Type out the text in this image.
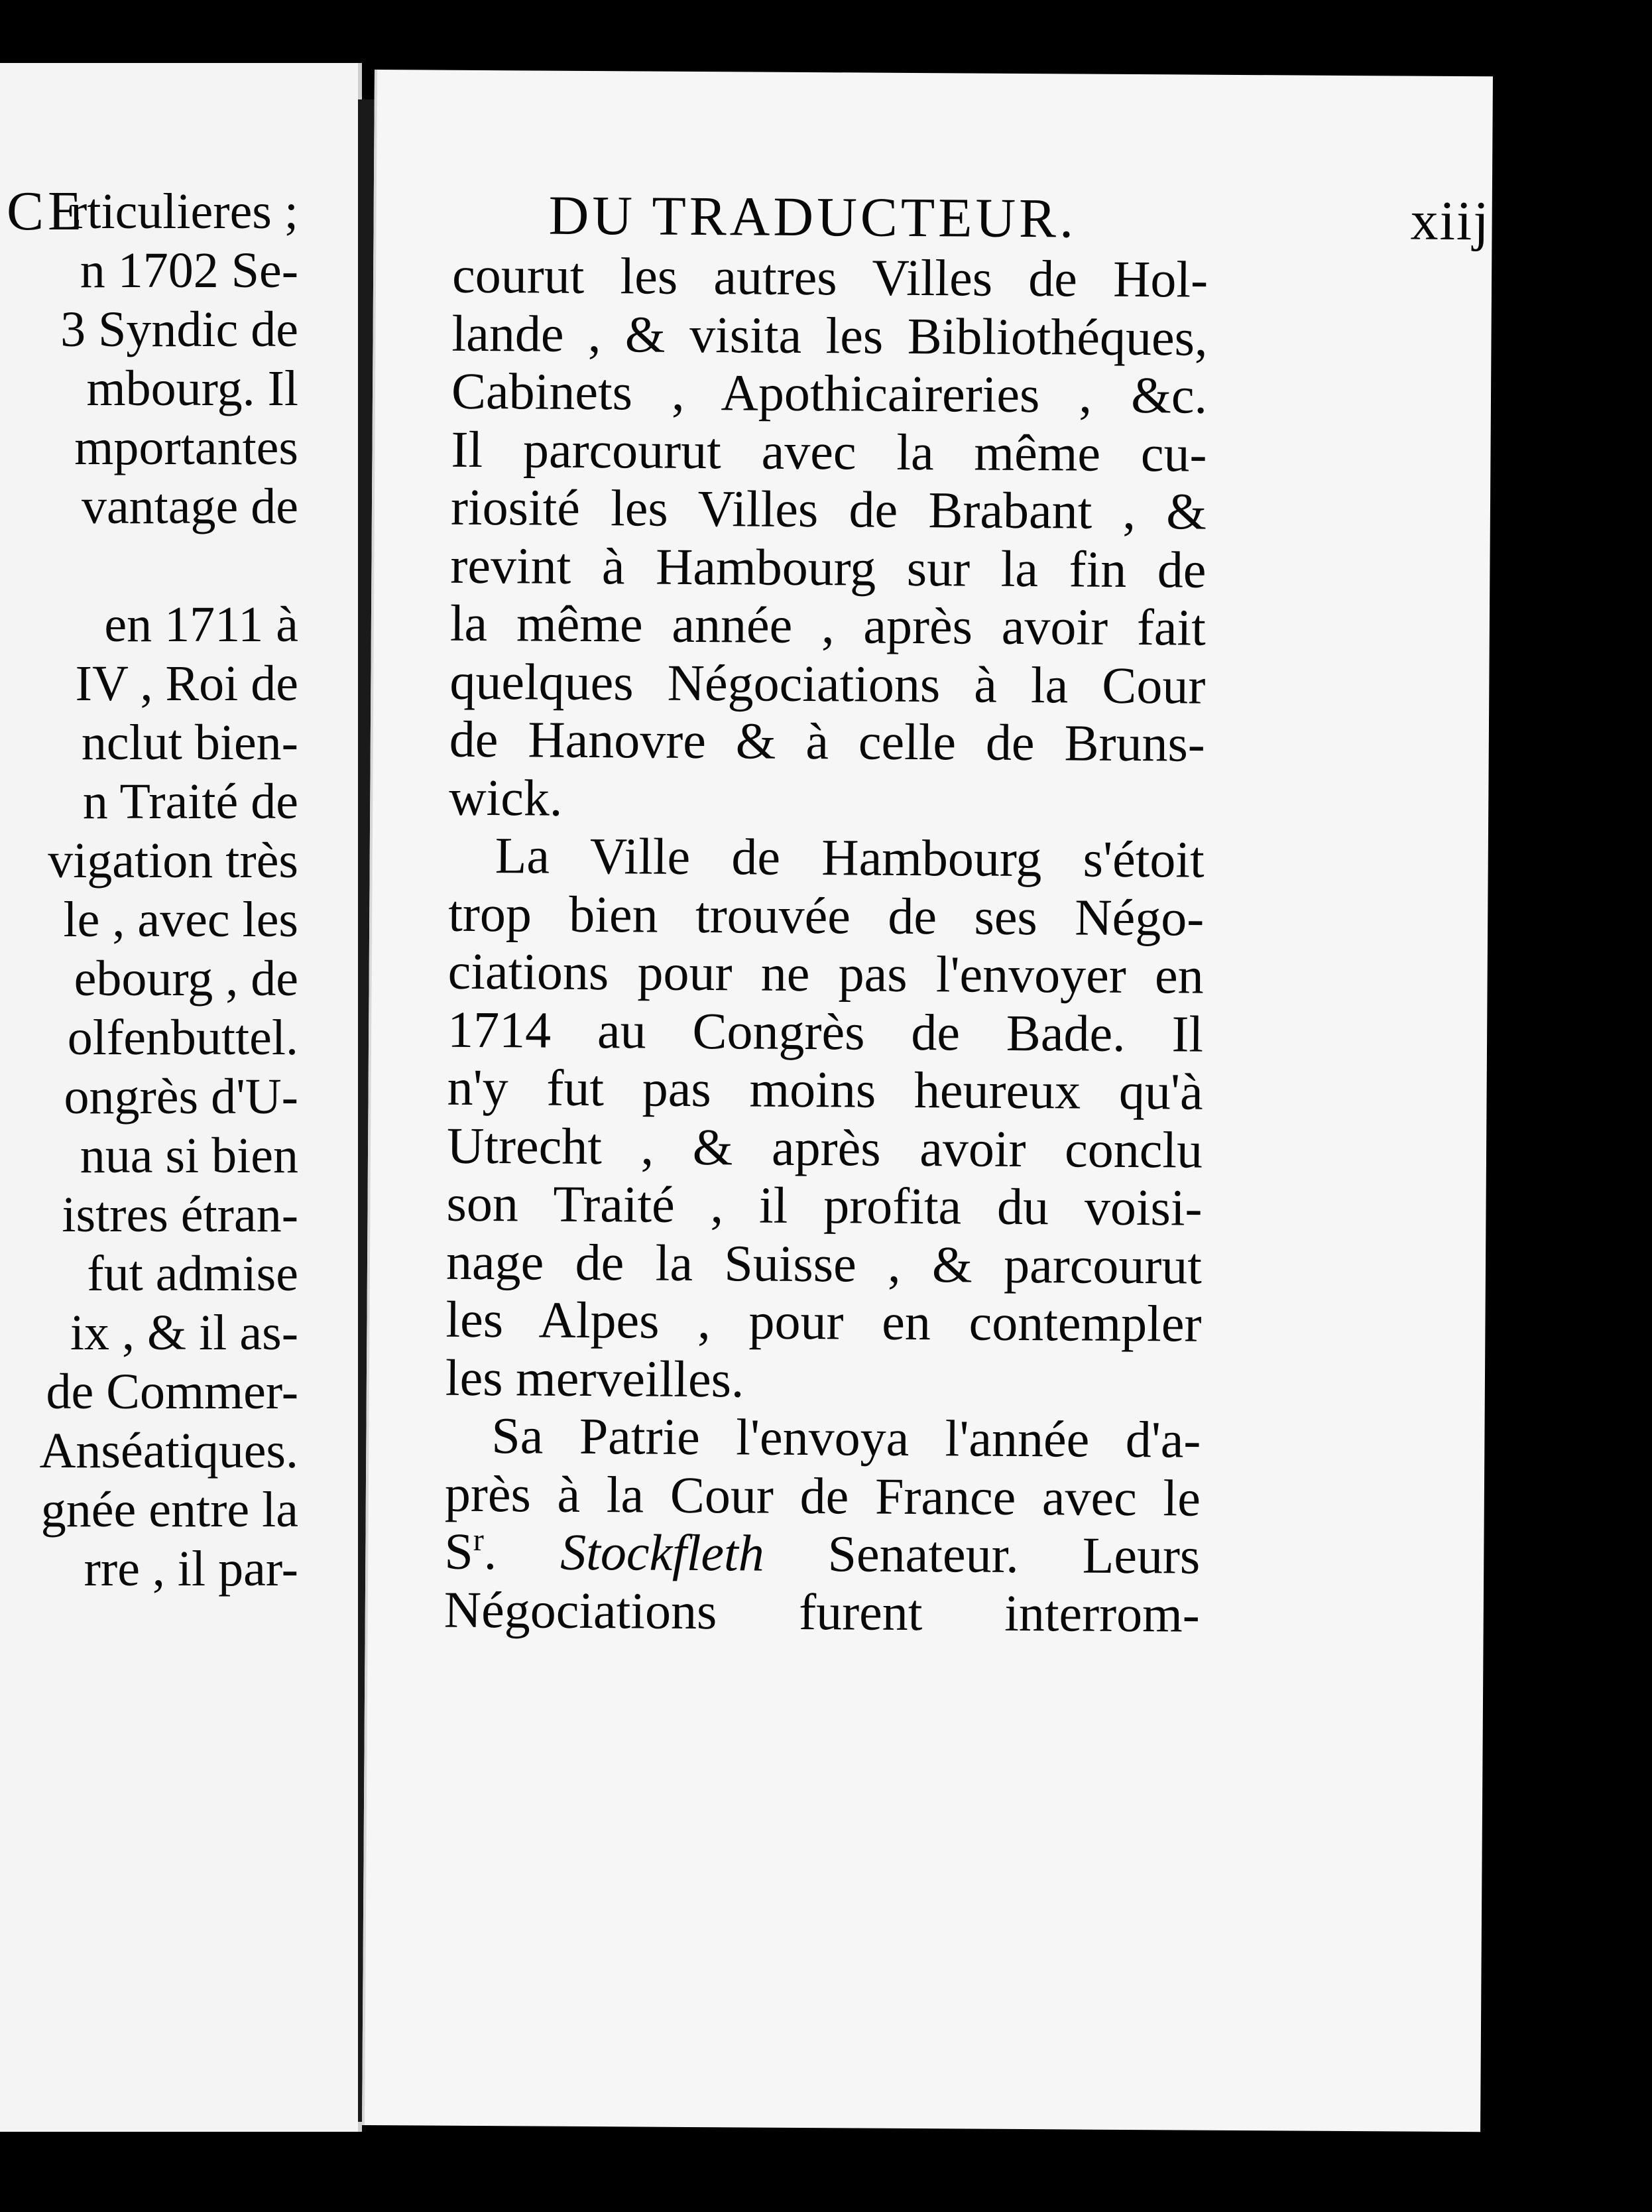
CE
rticulieres ;
n 1702 Se-
3 Syndic de
mbourg. Il
mportantes
vantage de
en 1711 à
IV , Roi de
nclut bien-
n Traité de
vigation très
le , avec les
ebourg , de
olfenbuttel.
ongrès d'U-
nua si bien
istres étran-
fut admise
ix , & il as-
de Commer-
Anséatiques.
gnée entre la
rre , il par-
DU TRADUCTEUR.	xiij
courut les autres Villes de Hol-
lande , & visita les Bibliothéques,
Cabinets , Apothicaireries , &c.
Il parcourut avec la même cu-
riosité les Villes de Brabant , &
revint à Hambourg sur la fin de
la même année , après avoir fait
quelques Négociations à la Cour
de Hanovre & à celle de Bruns-
wick.
La Ville de Hambourg s'étoit
trop bien trouvée de ses Négo-
ciations pour ne pas l'envoyer en
1714 au Congrès de Bade. Il
n'y fut pas moins heureux qu'à
Utrecht , & après avoir conclu
son Traité , il profita du voisi-
nage de la Suisse , & parcourut
les Alpes , pour en contempler
les merveilles.
Sa Patrie l'envoya l'année d'a-
près à la Cour de France avec le
$S^r$. Stockfleth Senateur. Leurs
Négociations furent interrom-
